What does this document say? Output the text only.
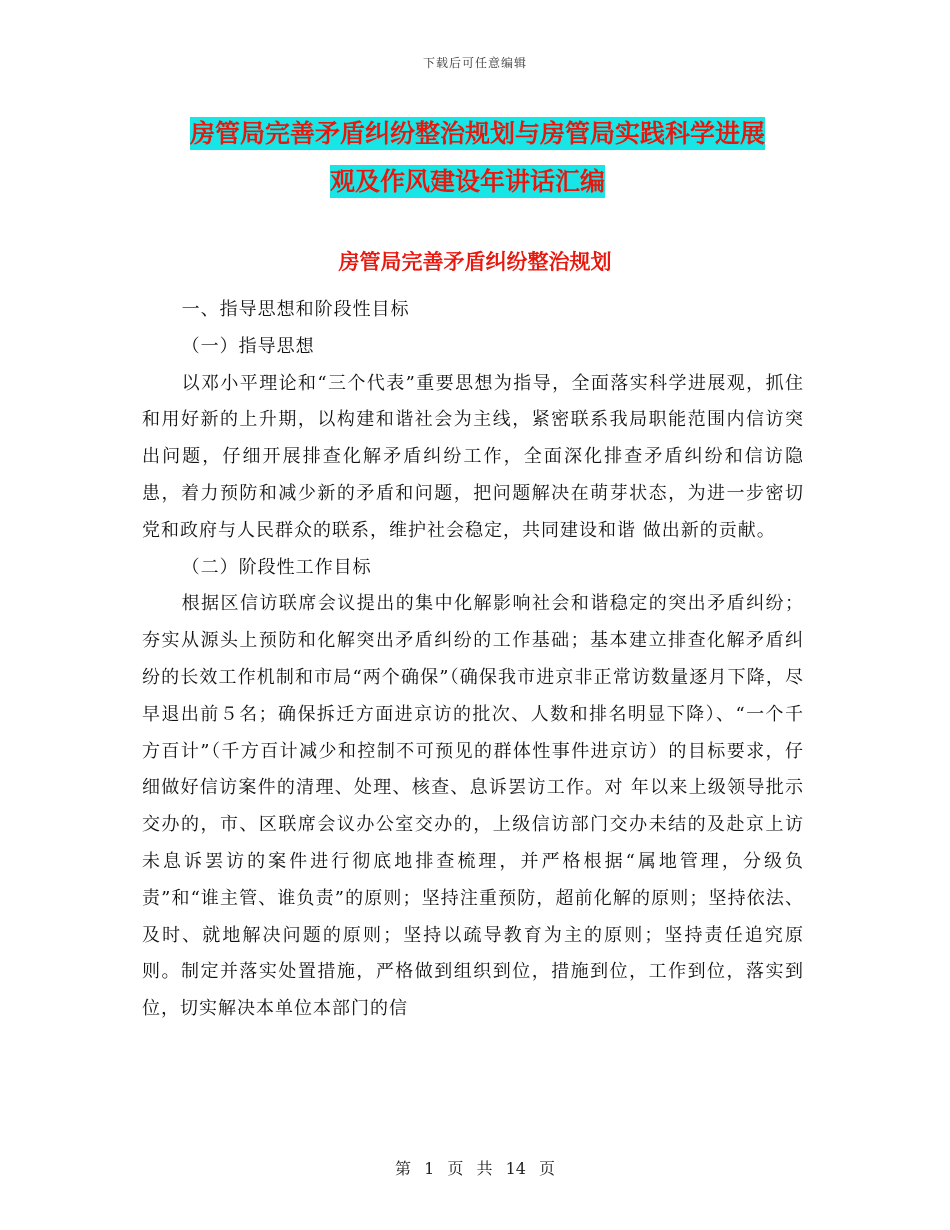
下载后可任意编辑
房管局完善矛盾纠纷整治规划与房管局实践科学进展
观及作风建设年讲话汇编
房管局完善矛盾纠纷整治规划

一、指导思想和阶段性目标

（一）指导思想

以邓小平理论和“三个代表”重要思想为指导，全面落实科学进展观，抓住和用好新的上升期，以构建和谐社会为主线，紧密联系我局职能范围内信访突出问题，仔细开展排查化解矛盾纠纷工作，全面深化排查矛盾纠纷和信访隐患，着力预防和减少新的矛盾和问题，把问题解决在萌芽状态，为进一步密切党和政府与人民群众的联系，维护社会稳定，共同建设和谐 做出新的贡献。

（二）阶段性工作目标

根据区信访联席会议提出的集中化解影响社会和谐稳定的突出矛盾纠纷；夯实从源头上预防和化解突出矛盾纠纷的工作基础；基本建立排查化解矛盾纠纷的长效工作机制和市局“两个确保”（确保我市进京非正常访数量逐月下降，尽早退出前５名；确保拆迁方面进京访的批次、人数和排名明显下降）、“一个千方百计”（千方百计减少和控制不可预见的群体性事件进京访）的目标要求，仔细做好信访案件的清理、处理、核查、息诉罢访工作。对 年以来上级领导批示交办的，市、区联席会议办公室交办的，上级信访部门交办未结的及赴京上访未息诉罢访的案件进行彻底地排查梳理，并严格根据“属地管理，分级负责”和“谁主管、谁负责”的原则；坚持注重预防，超前化解的原则；坚持依法、及时、就地解决问题的原则；坚持以疏导教育为主的原则；坚持责任追究原则。制定并落实处置措施，严格做到组织到位，措施到位，工作到位，落实到位，切实解决本单位本部门的信

第 1 页 共 14 页
